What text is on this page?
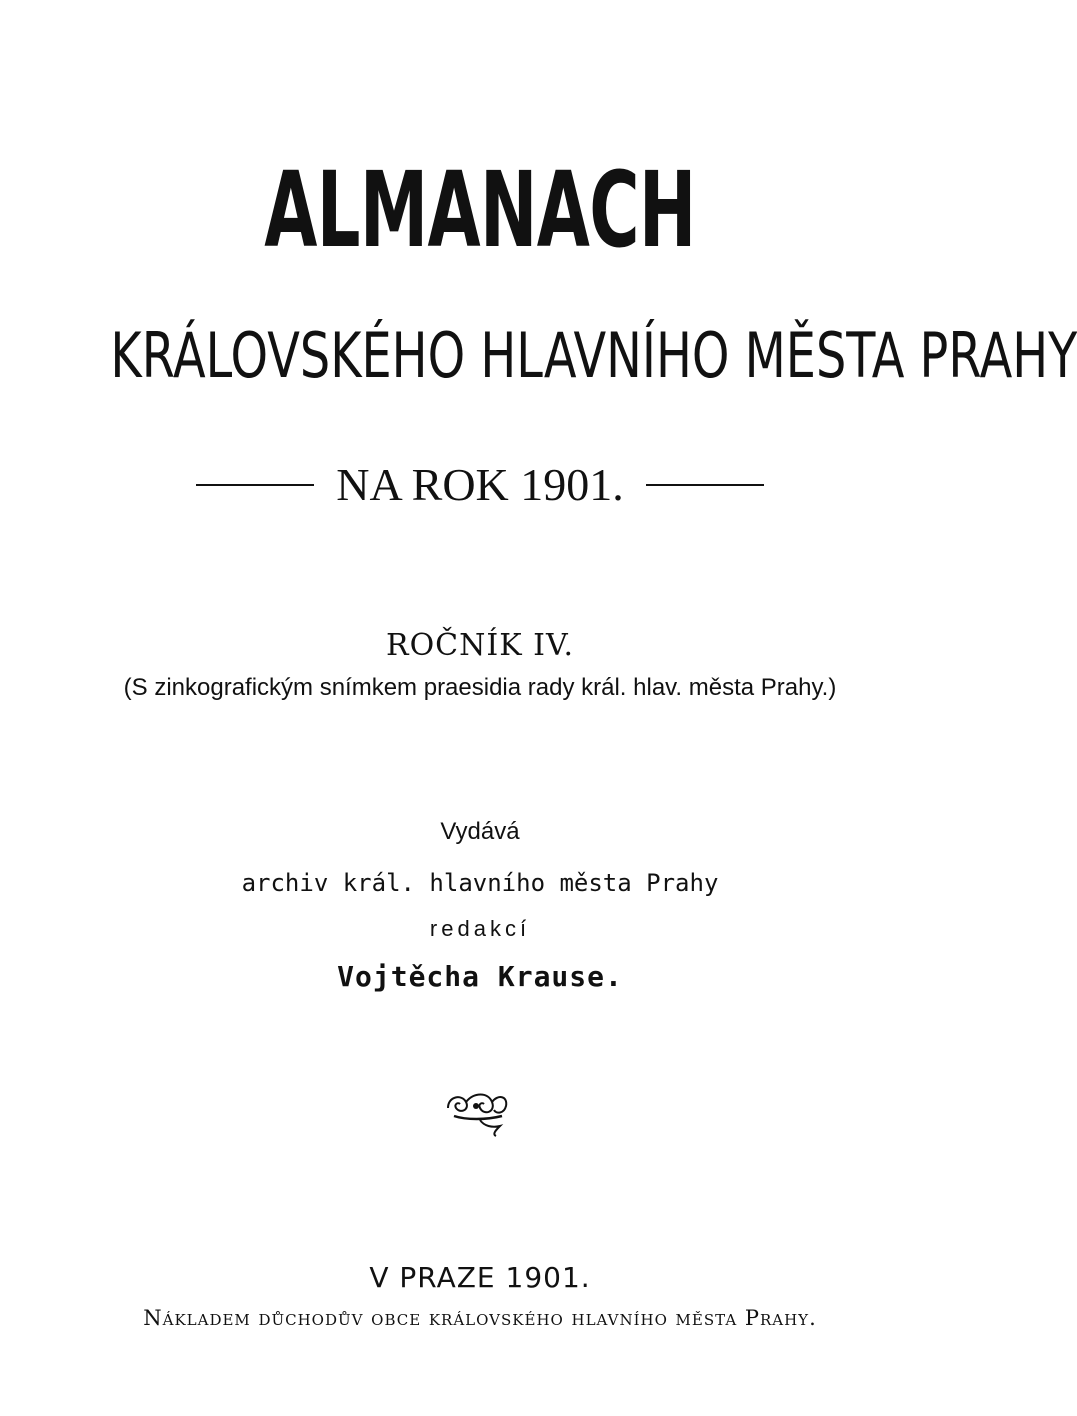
ALMANACH
KRÁLOVSKÉHO HLAVNÍHO MĚSTA PRAHY
NA ROK 1901.
ROČNÍK IV.
(S zinkografickým snímkem praesidia rady král. hlav. města Prahy.)
Vydává
archiv král. hlavního města Prahy
redakcí
Vojtěcha Krause.
V PRAZE 1901.
Nákladem důchodův obce královského hlavního města Prahy.
